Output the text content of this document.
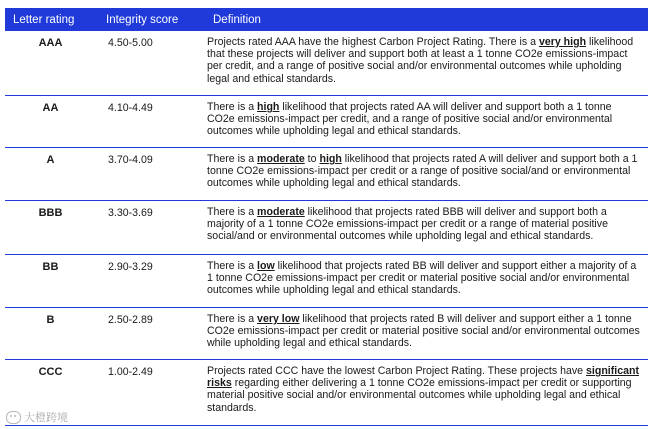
Letter rating	Integrity score	Definition
AAA	4.50-5.00	Projects rated AAA have the highest Carbon Project Rating. There is a very high likelihood that these projects will deliver and support both at least a 1 tonne CO2e emissions-impact per credit, and a range of positive social and/or environmental outcomes while upholding legal and ethical standards.
AA	4.10-4.49	There is a high likelihood that projects rated AA will deliver and support both a 1 tonne CO2e emissions-impact per credit, and a range of positive social and/or environmental outcomes while upholding legal and ethical standards.
A	3.70-4.09	There is a moderate to high likelihood that projects rated A will deliver and support both a 1 tonne CO2e emissions-impact per credit or a range of positive social/and or environmental outcomes while upholding legal and ethical standards.
BBB	3.30-3.69	There is a moderate likelihood that projects rated BBB will deliver and support both a majority of a 1 tonne CO2e emissions-impact per credit or a range of material positive social/and or environmental outcomes while upholding legal and ethical standards.
BB	2.90-3.29	There is a low likelihood that projects rated BB will deliver and support either a majority of a 1 tonne CO2e emissions-impact per credit or material positive social and/or environmental outcomes while upholding legal and ethical standards.
B	2.50-2.89	There is a very low likelihood that projects rated B will deliver and support either a 1 tonne CO2e emissions-impact per credit or material positive social and/or environmental outcomes while upholding legal and ethical standards.
CCC	1.00-2.49	Projects rated CCC have the lowest Carbon Project Rating. These projects have significant risks regarding either delivering a 1 tonne CO2e emissions-impact per credit or supporting material positive social and/or environmental outcomes while upholding legal and ethical standards.
大橙跨境
